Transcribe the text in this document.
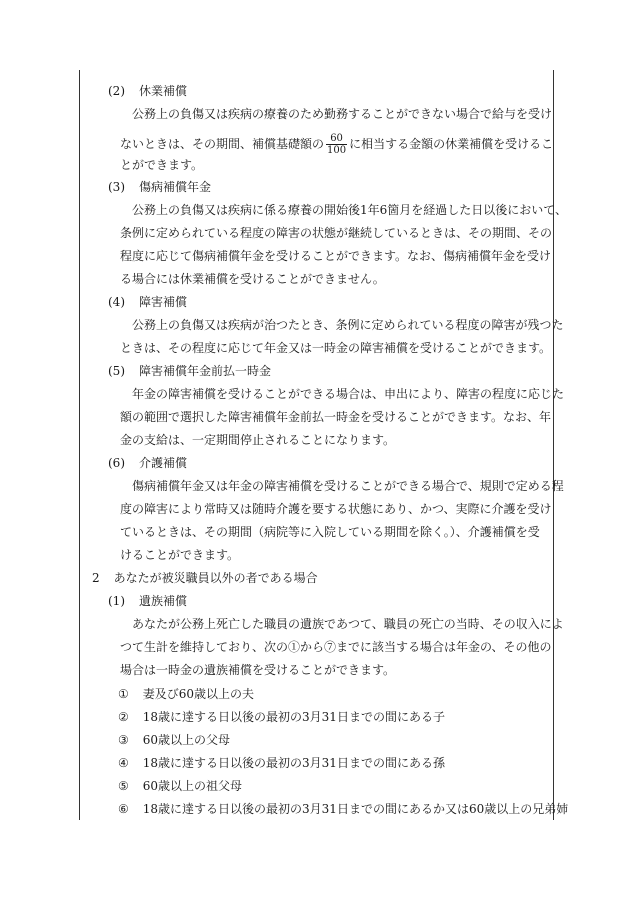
(2) 休業補償
公務上の負傷又は疾病の療養のため勤務することができない場合で給与を受け
ないときは、その期間、補償基礎額の $\frac{60}{100}$ に相当する金額の休業補償を受けるこ
とができます。
(3) 傷病補償年金
公務上の負傷又は疾病に係る療養の開始後1年6箇月を経過した日以後において、
条例に定められている程度の障害の状態が継続しているときは、その期間、その
程度に応じて傷病補償年金を受けることができます。なお、傷病補償年金を受け
る場合には休業補償を受けることができません。
(4) 障害補償
公務上の負傷又は疾病が治つたとき、条例に定められている程度の障害が残つた
ときは、その程度に応じて年金又は一時金の障害補償を受けることができます。
(5) 障害補償年金前払一時金
年金の障害補償を受けることができる場合は、申出により、障害の程度に応じた
額の範囲で選択した障害補償年金前払一時金を受けることができます。なお、年
金の支給は、一定期間停止されることになります。
(6) 介護補償
傷病補償年金又は年金の障害補償を受けることができる場合で、規則で定める程
度の障害により常時又は随時介護を要する状態にあり、かつ、実際に介護を受け
ているときは、その期間（病院等に入院している期間を除く。）、介護補償を受
けることができます。
2 あなたが被災職員以外の者である場合
(1) 遺族補償
あなたが公務上死亡した職員の遺族であつて、職員の死亡の当時、その収入によ
つて生計を維持しており、次の①から⑦までに該当する場合は年金の、その他の
場合は一時金の遺族補償を受けることができます。
① 妻及び60歳以上の夫
② 18歳に達する日以後の最初の3月31日までの間にある子
③ 60歳以上の父母
④ 18歳に達する日以後の最初の3月31日までの間にある孫
⑤ 60歳以上の祖父母
⑥ 18歳に達する日以後の最初の3月31日までの間にあるか又は60歳以上の兄弟姉
